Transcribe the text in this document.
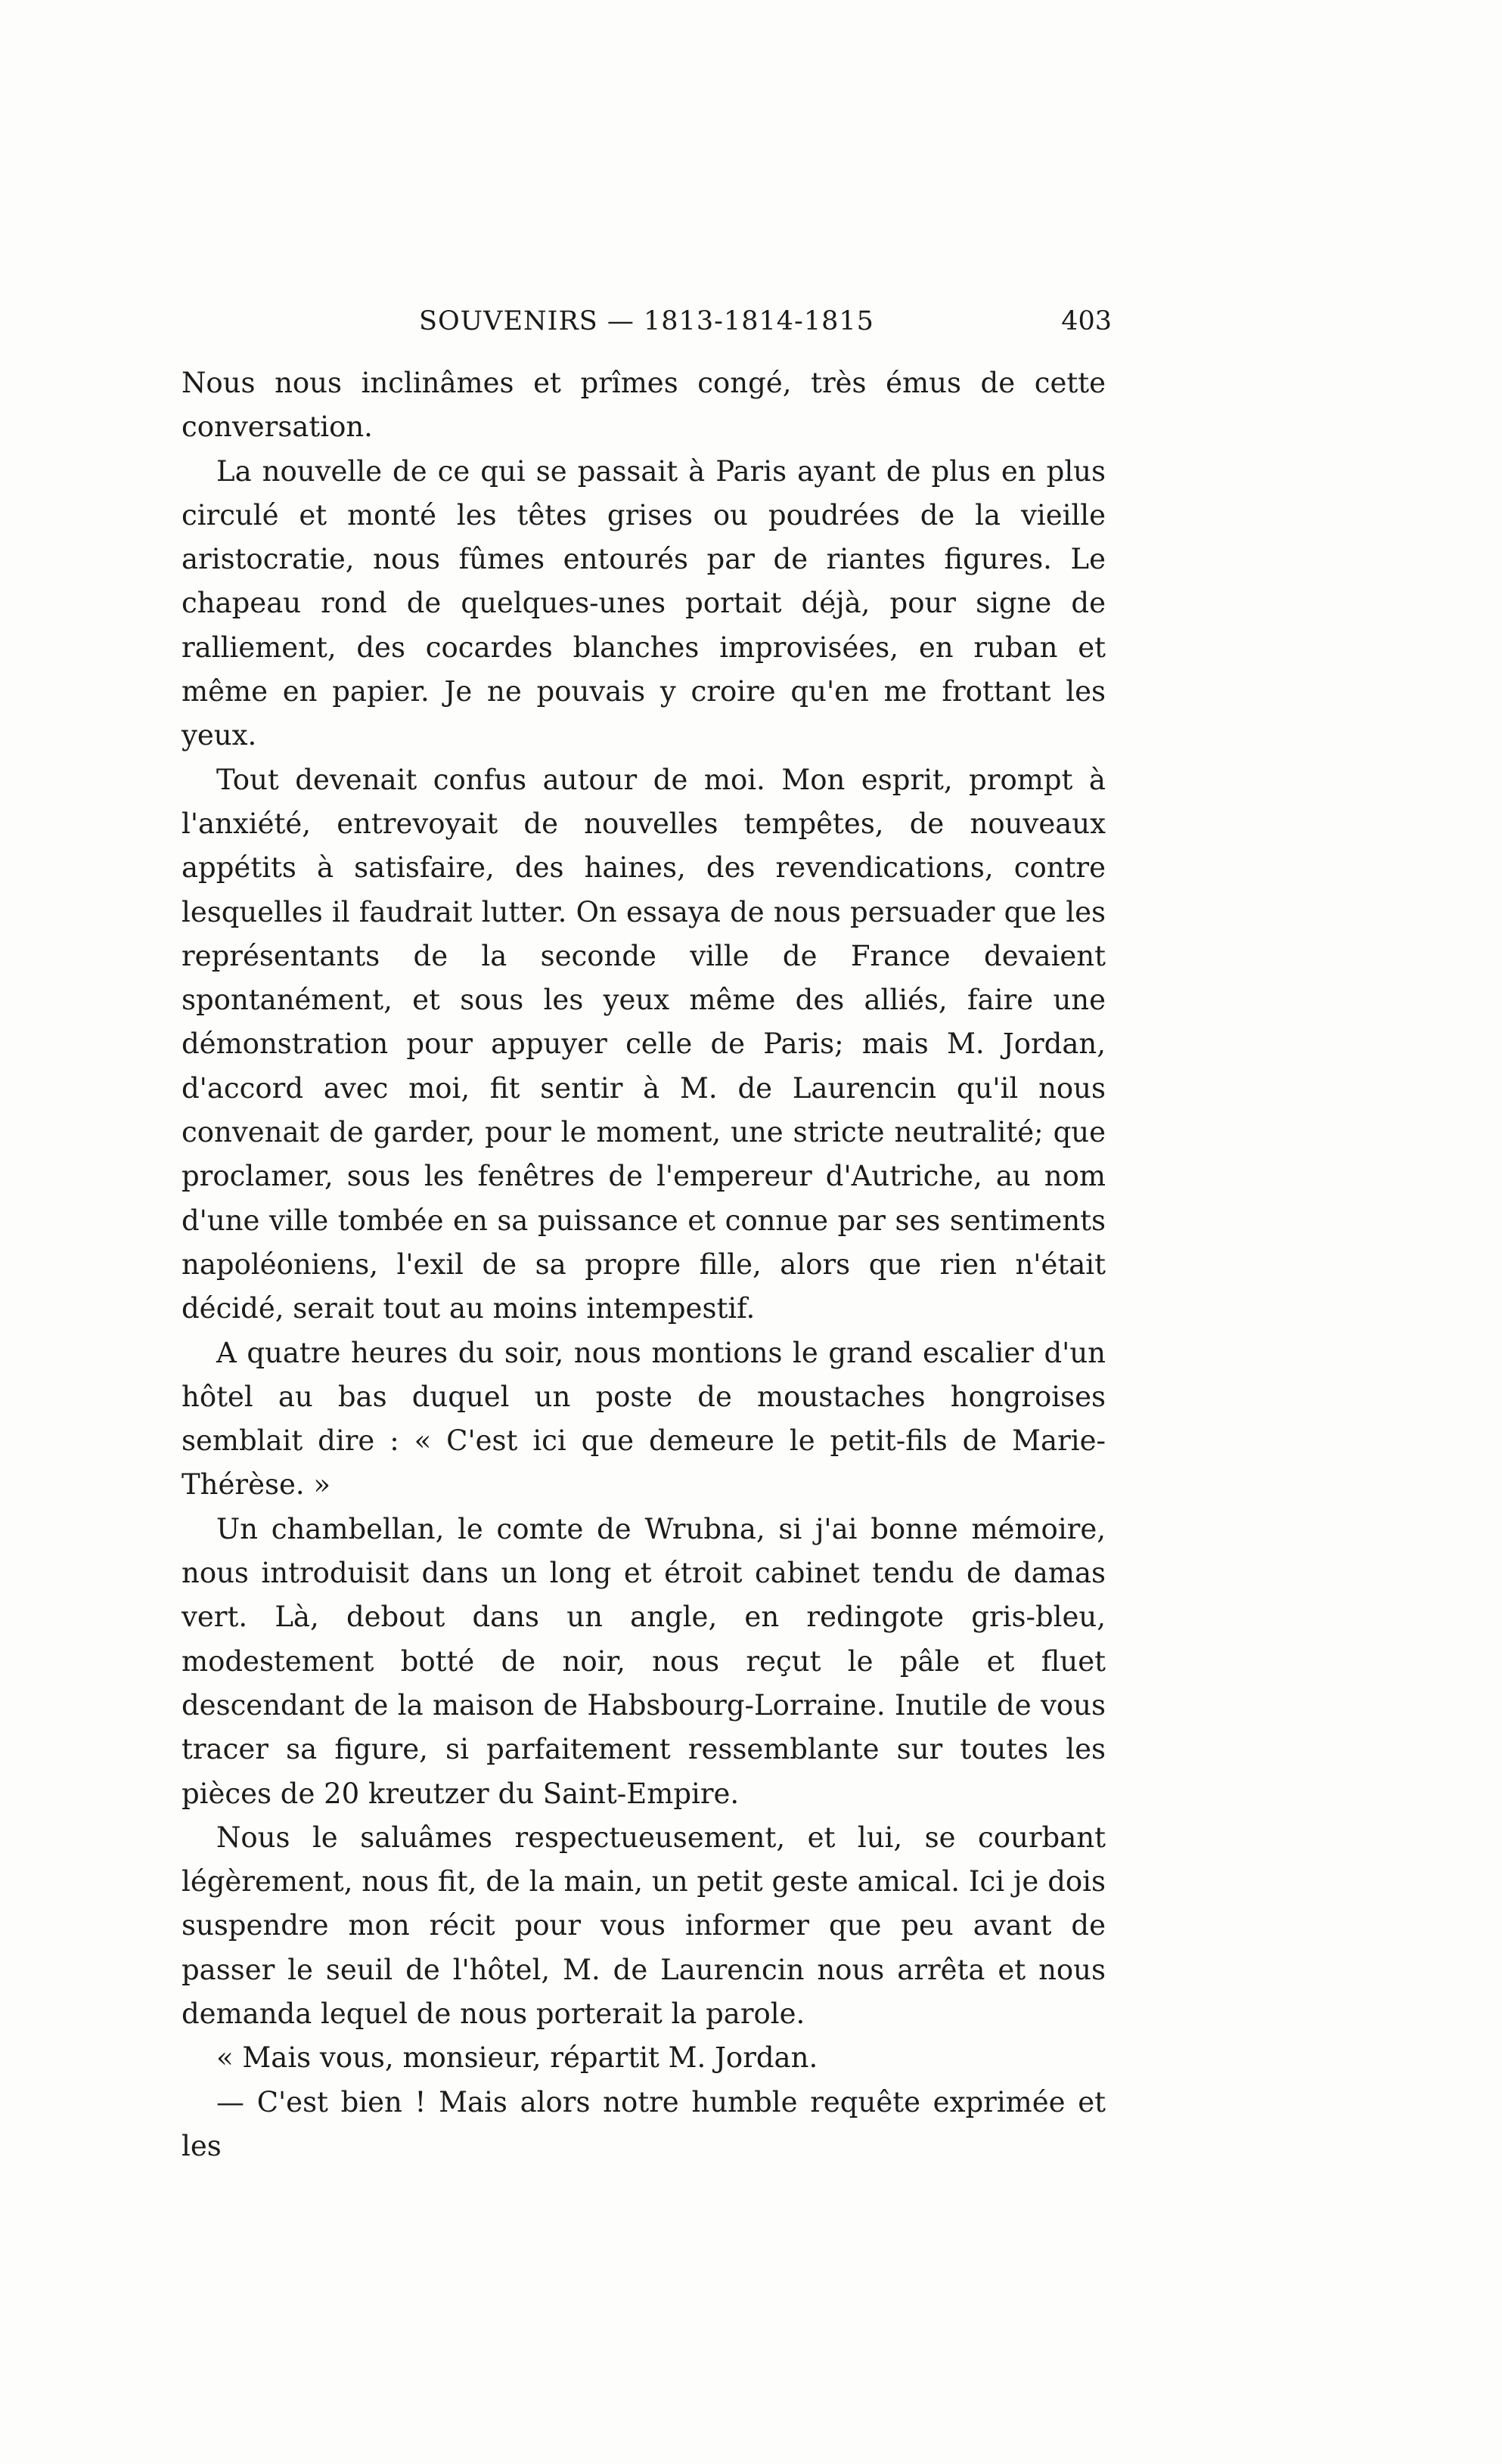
SOUVENIRS — 1813-1814-1815	403

Nous nous inclinâmes et prîmes congé, très émus de cette conversation.

La nouvelle de ce qui se passait à Paris ayant de plus en plus circulé et monté les têtes grises ou poudrées de la vieille aristocratie, nous fûmes entourés par de riantes figures. Le chapeau rond de quelques-unes portait déjà, pour signe de ralliement, des cocardes blanches improvisées, en ruban et même en papier. Je ne pouvais y croire qu'en me frottant les yeux.

Tout devenait confus autour de moi. Mon esprit, prompt à l'anxiété, entrevoyait de nouvelles tempêtes, de nouveaux appétits à satisfaire, des haines, des revendications, contre lesquelles il faudrait lutter. On essaya de nous persuader que les représentants de la seconde ville de France devaient spontanément, et sous les yeux même des alliés, faire une démonstration pour appuyer celle de Paris; mais M. Jordan, d'accord avec moi, fit sentir à M. de Laurencin qu'il nous convenait de garder, pour le moment, une stricte neutralité; que proclamer, sous les fenêtres de l'empereur d'Autriche, au nom d'une ville tombée en sa puissance et connue par ses sentiments napoléoniens, l'exil de sa propre fille, alors que rien n'était décidé, serait tout au moins intempestif.

A quatre heures du soir, nous montions le grand escalier d'un hôtel au bas duquel un poste de moustaches hongroises semblait dire : « C'est ici que demeure le petit-fils de Marie-Thérèse. »

Un chambellan, le comte de Wrubna, si j'ai bonne mémoire, nous introduisit dans un long et étroit cabinet tendu de damas vert. Là, debout dans un angle, en redingote gris-bleu, modestement botté de noir, nous reçut le pâle et fluet descendant de la maison de Habsbourg-Lorraine. Inutile de vous tracer sa figure, si parfaitement ressemblante sur toutes les pièces de 20 kreutzer du Saint-Empire.

Nous le saluâmes respectueusement, et lui, se courbant légèrement, nous fit, de la main, un petit geste amical. Ici je dois suspendre mon récit pour vous informer que peu avant de passer le seuil de l'hôtel, M. de Laurencin nous arrêta et nous demanda lequel de nous porterait la parole.

« Mais vous, monsieur, répartit M. Jordan.

— C'est bien ! Mais alors notre humble requête exprimée et les
